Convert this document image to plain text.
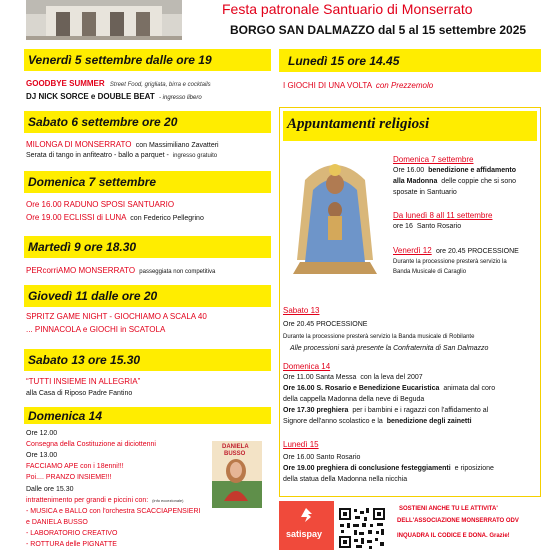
Festa patronale Santuario di Monserrato
BORGO SAN DALMAZZO dal 5 al 15 settembre 2025
Venerdì 5 settembre dalle ore 19
GOODBYE SUMMER Street Food, grigliata, birra e cocktails
DJ NICK SORCE e DOUBLE BEAT - ingresso libero
Sabato 6 settembre ore 20
MILONGA DI MONSERRATO con Massimiliano Zavatteri
Serata di tango in anfiteatro - ballo a parquet - ingresso gratuito
Domenica 7 settembre
Ore 16.00 RADUNO SPOSI SANTUARIO
Ore 19.00 ECLISSI di LUNA con Federico Pellegrino
Martedì 9 ore 18.30
PERcorriAMO MONSERRATO passeggiata non competitiva
Giovedì 11 dalle ore 20
SPRITZ GAME NIGHT - GIOCHIAMO A SCALA 40
... PINNACOLA e GIOCHI in SCATOLA
Sabato 13 ore 15.30
“TUTTI INSIEME IN ALLEGRIA”
alla Casa di Riposo Padre Fantino
Domenica 14
Ore 12.00
Consegna della Costituzione ai diciottenni
Ore 13.00
FACCIAMO APE con i 18enni!!!
Poi.... PRANZO INSIEME!!!
Dalle ore 15.30
intrattenimento per grandi e piccini con: (info eccezionale)
- MUSICA e BALLO con l'orchestra SCACCIAPENSIERI
e DANIELA BUSSO
- LABORATORIO CREATIVO
- ROTTURA delle PIGNATTE
DANIELA
BUSSO
Lunedì 15 ore 14.45
I GIOCHI DI UNA VOLTA con Prezzemolo
Appuntamenti religiosi
Domenica 7 settembre
Ore 16.00 benedizione e affidamento
alla Madonna delle coppie che si sono
sposate in Santuario
Da lunedì 8 all 11 settembre
ore 16 Santo Rosario
Venerdì 12 ore 20.45 PROCESSIONE
Durante la processione presterà servizio la
Banda Musicale di Caraglio
Sabato 13
Ore 20.45 PROCESSIONE
Durante la processione presterà servizio la Banda musicale di Robilante
Alle processioni sarà presente la Confraternita di San Dalmazzo
Domenica 14
Ore 11.00 Santa Messa con la leva del 2007
Ore 16.00 S. Rosario e Benedizione Eucaristica animata dal coro
della cappella Madonna della neve di Beguda
Ore 17.30 preghiera per i bambini e i ragazzi con l'affidamento al
Signore dell'anno scolastico e la benedizione degli zainetti
Lunedì 15
Ore 16.00 Santo Rosario
Ore 19.00 preghiera di conclusione festeggiamenti e riposizione
della statua della Madonna nella nicchia
satispay
SOSTIENI ANCHE TU LE ATTIVITA'
DELL'ASSOCIAZIONE MONSERRATO ODV
INQUADRA IL CODICE E DONA. Grazie!
